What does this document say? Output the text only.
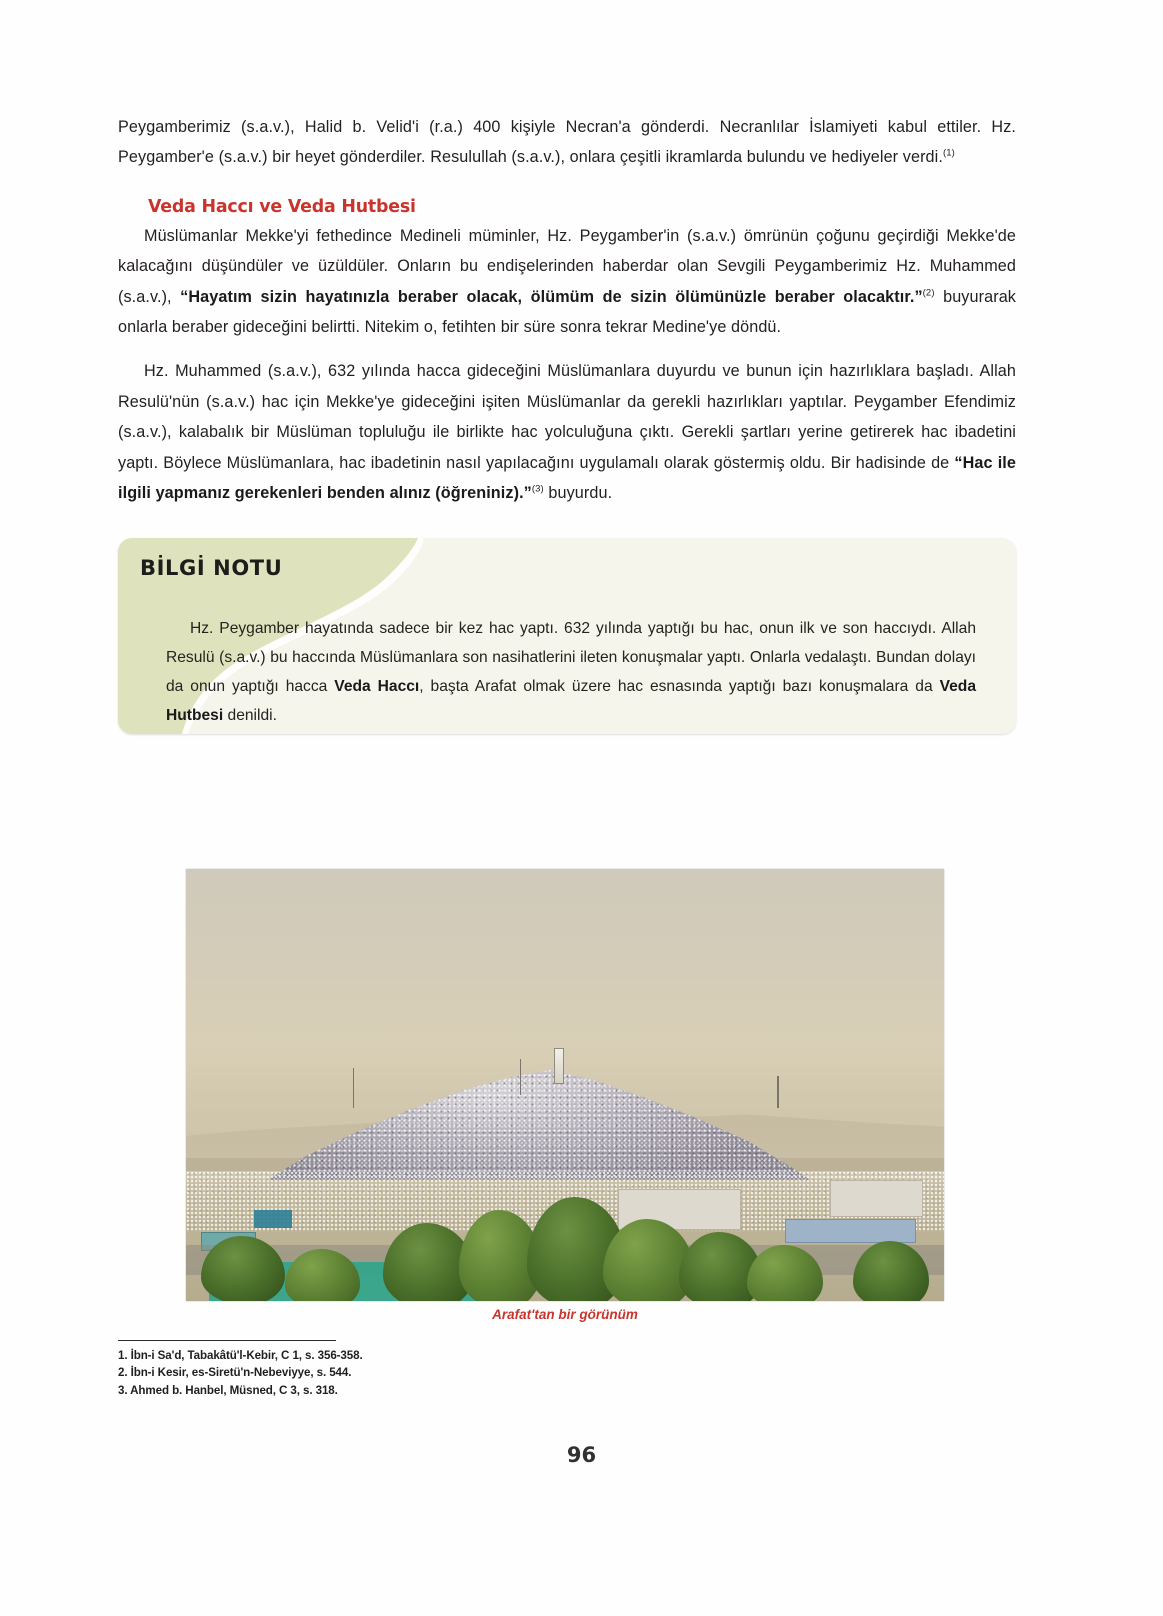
Peygamberimiz (s.a.v.), Halid b. Velid'i (r.a.) 400 kişiyle Necran'a gönderdi. Necranlılar İslamiyeti kabul ettiler. Hz. Peygamber'e (s.a.v.) bir heyet gönderdiler. Resulullah (s.a.v.), onlara çeşitli ikramlarda bulundu ve hediyeler verdi.$^{(1)}$

Veda Haccı ve Veda Hutbesi

Müslümanlar Mekke'yi fethedince Medineli müminler, Hz. Peygamber'in (s.a.v.) ömrünün çoğunu geçirdiği Mekke'de kalacağını düşündüler ve üzüldüler. Onların bu endişelerinden haberdar olan Sevgili Peygamberimiz Hz. Muhammed (s.a.v.), “Hayatım sizin hayatınızla beraber olacak, ölümüm de sizin ölümünüzle beraber olacaktır.”$^{(2)}$ buyurarak onlarla beraber gideceğini belirtti. Nitekim o, fetihten bir süre sonra tekrar Medine'ye döndü.

Hz. Muhammed (s.a.v.), 632 yılında hacca gideceğini Müslümanlara duyurdu ve bunun için hazırlıklara başladı. Allah Resulü'nün (s.a.v.) hac için Mekke'ye gideceğini işiten Müslümanlar da gerekli hazırlıkları yaptılar. Peygamber Efendimiz (s.a.v.), kalabalık bir Müslüman topluluğu ile birlikte hac yolculuğuna çıktı. Gerekli şartları yerine getirerek hac ibadetini yaptı. Böylece Müslümanlara, hac ibadetinin nasıl yapılacağını uygulamalı olarak göstermiş oldu. Bir hadisinde de “Hac ile ilgili yapmanız gerekenleri benden alınız (öğreniniz).”$^{(3)}$ buyurdu.

BİLGİ NOTU
Hz. Peygamber hayatında sadece bir kez hac yaptı. 632 yılında yaptığı bu hac, onun ilk ve son haccıydı. Allah Resulü (s.a.v.) bu haccında Müslümanlara son nasihatlerini ileten konuşmalar yaptı. Onlarla vedalaştı. Bundan dolayı da onun yaptığı hacca Veda Haccı, başta Arafat olmak üzere hac esnasında yaptığı bazı konuşmalara da Veda Hutbesi denildi.
Arafat'tan bir görünüm
1. İbn-i Sa'd, Tabakâtü'l-Kebir, C 1, s. 356-358.
2. İbn-i Kesir, es-Siretü'n-Nebeviyye, s. 544.
3. Ahmed b. Hanbel, Müsned, C 3, s. 318.
96
